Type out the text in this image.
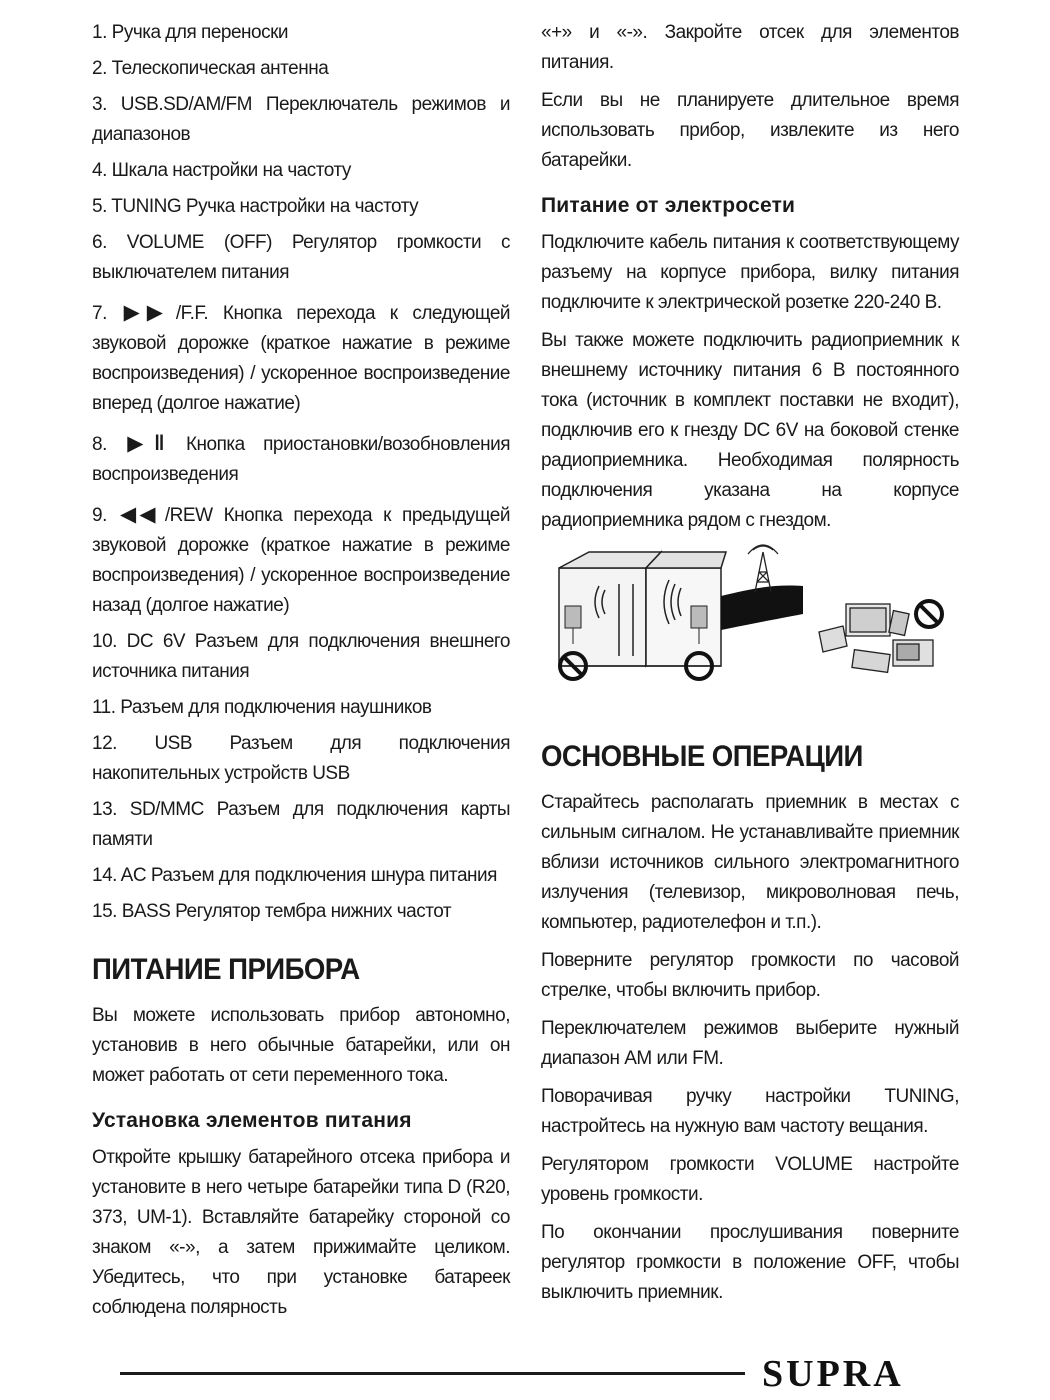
1. Ручка для переноски

2. Телескопическая антенна

3. USB.SD/AM/FM Переключатель режимов и диапазонов

4. Шкала настройки на частоту

5. TUNING Ручка настройки на частоту

6. VOLUME (OFF) Регулятор громкости с выключателем питания

7. ▶▶ /F.F. Кнопка перехода к следующей звуковой дорожке (краткое нажатие в режиме воспроизведения) / ускоренное воспроизведение вперед (долгое нажатие)

8. ▶‖ Кнопка приостановки/возобновления воспроизведения

9. ◀◀ /REW Кнопка перехода к предыдущей звуковой дорожке (краткое нажатие в режиме воспроизведения) / ускоренное воспроизведение назад (долгое нажатие)

10. DC 6V Разъем для подключения внешнего источника питания

11. Разъем для подключения наушников

12. USB Разъем для подключения накопительных устройств USB

13. SD/MMC Разъем для подключения карты памяти

14. AC Разъем для подключения шнура питания

15. BASS Регулятор тембра нижних частот

ПИТАНИЕ ПРИБОРА

Вы можете использовать прибор автономно, установив в него обычные батарейки, или он может работать от сети переменного тока.

Установка элементов питания

Откройте крышку батарейного отсека прибора и установите в него четыре батарейки типа D (R20, 373, UM-1). Вставляйте батарейку стороной со знаком «-», а затем прижимайте целиком. Убедитесь, что при установке батареек соблюдена полярность

«+» и «-». Закройте отсек для элементов питания.

Если вы не планируете длительное время использовать прибор, извлеките из него батарейки.

Питание от электросети

Подключите кабель питания к соответствующему разъему на корпусе прибора, вилку питания подключите к электрической розетке 220-240 В.

Вы также можете подключить радиоприемник к внешнему источнику питания 6 В постоянного тока (источник в комплект поставки не входит), подключив его к гнезду DC 6V на боковой стенке радиоприемника. Необходимая полярность подключения указана на корпусе радиоприемника рядом с гнездом.

ОСНОВНЫЕ ОПЕРАЦИИ

Старайтесь располагать приемник в местах с сильным сигналом. Не устанавливайте приемник вблизи источников сильного электромагнитного излучения (телевизор, микроволновая печь, компьютер, радиотелефон и т.п.).

Поверните регулятор громкости по часовой стрелке, чтобы включить прибор.

Переключателем режимов выберите нужный диапазон AM или FM.

Поворачивая ручку настройки TUNING, настройтесь на нужную вам частоту вещания.

Регулятором громкости VOLUME настройте уровень громкости.

По окончании прослушивания поверните регулятор громкости в положение OFF, чтобы выключить приемник.

SUPRA
